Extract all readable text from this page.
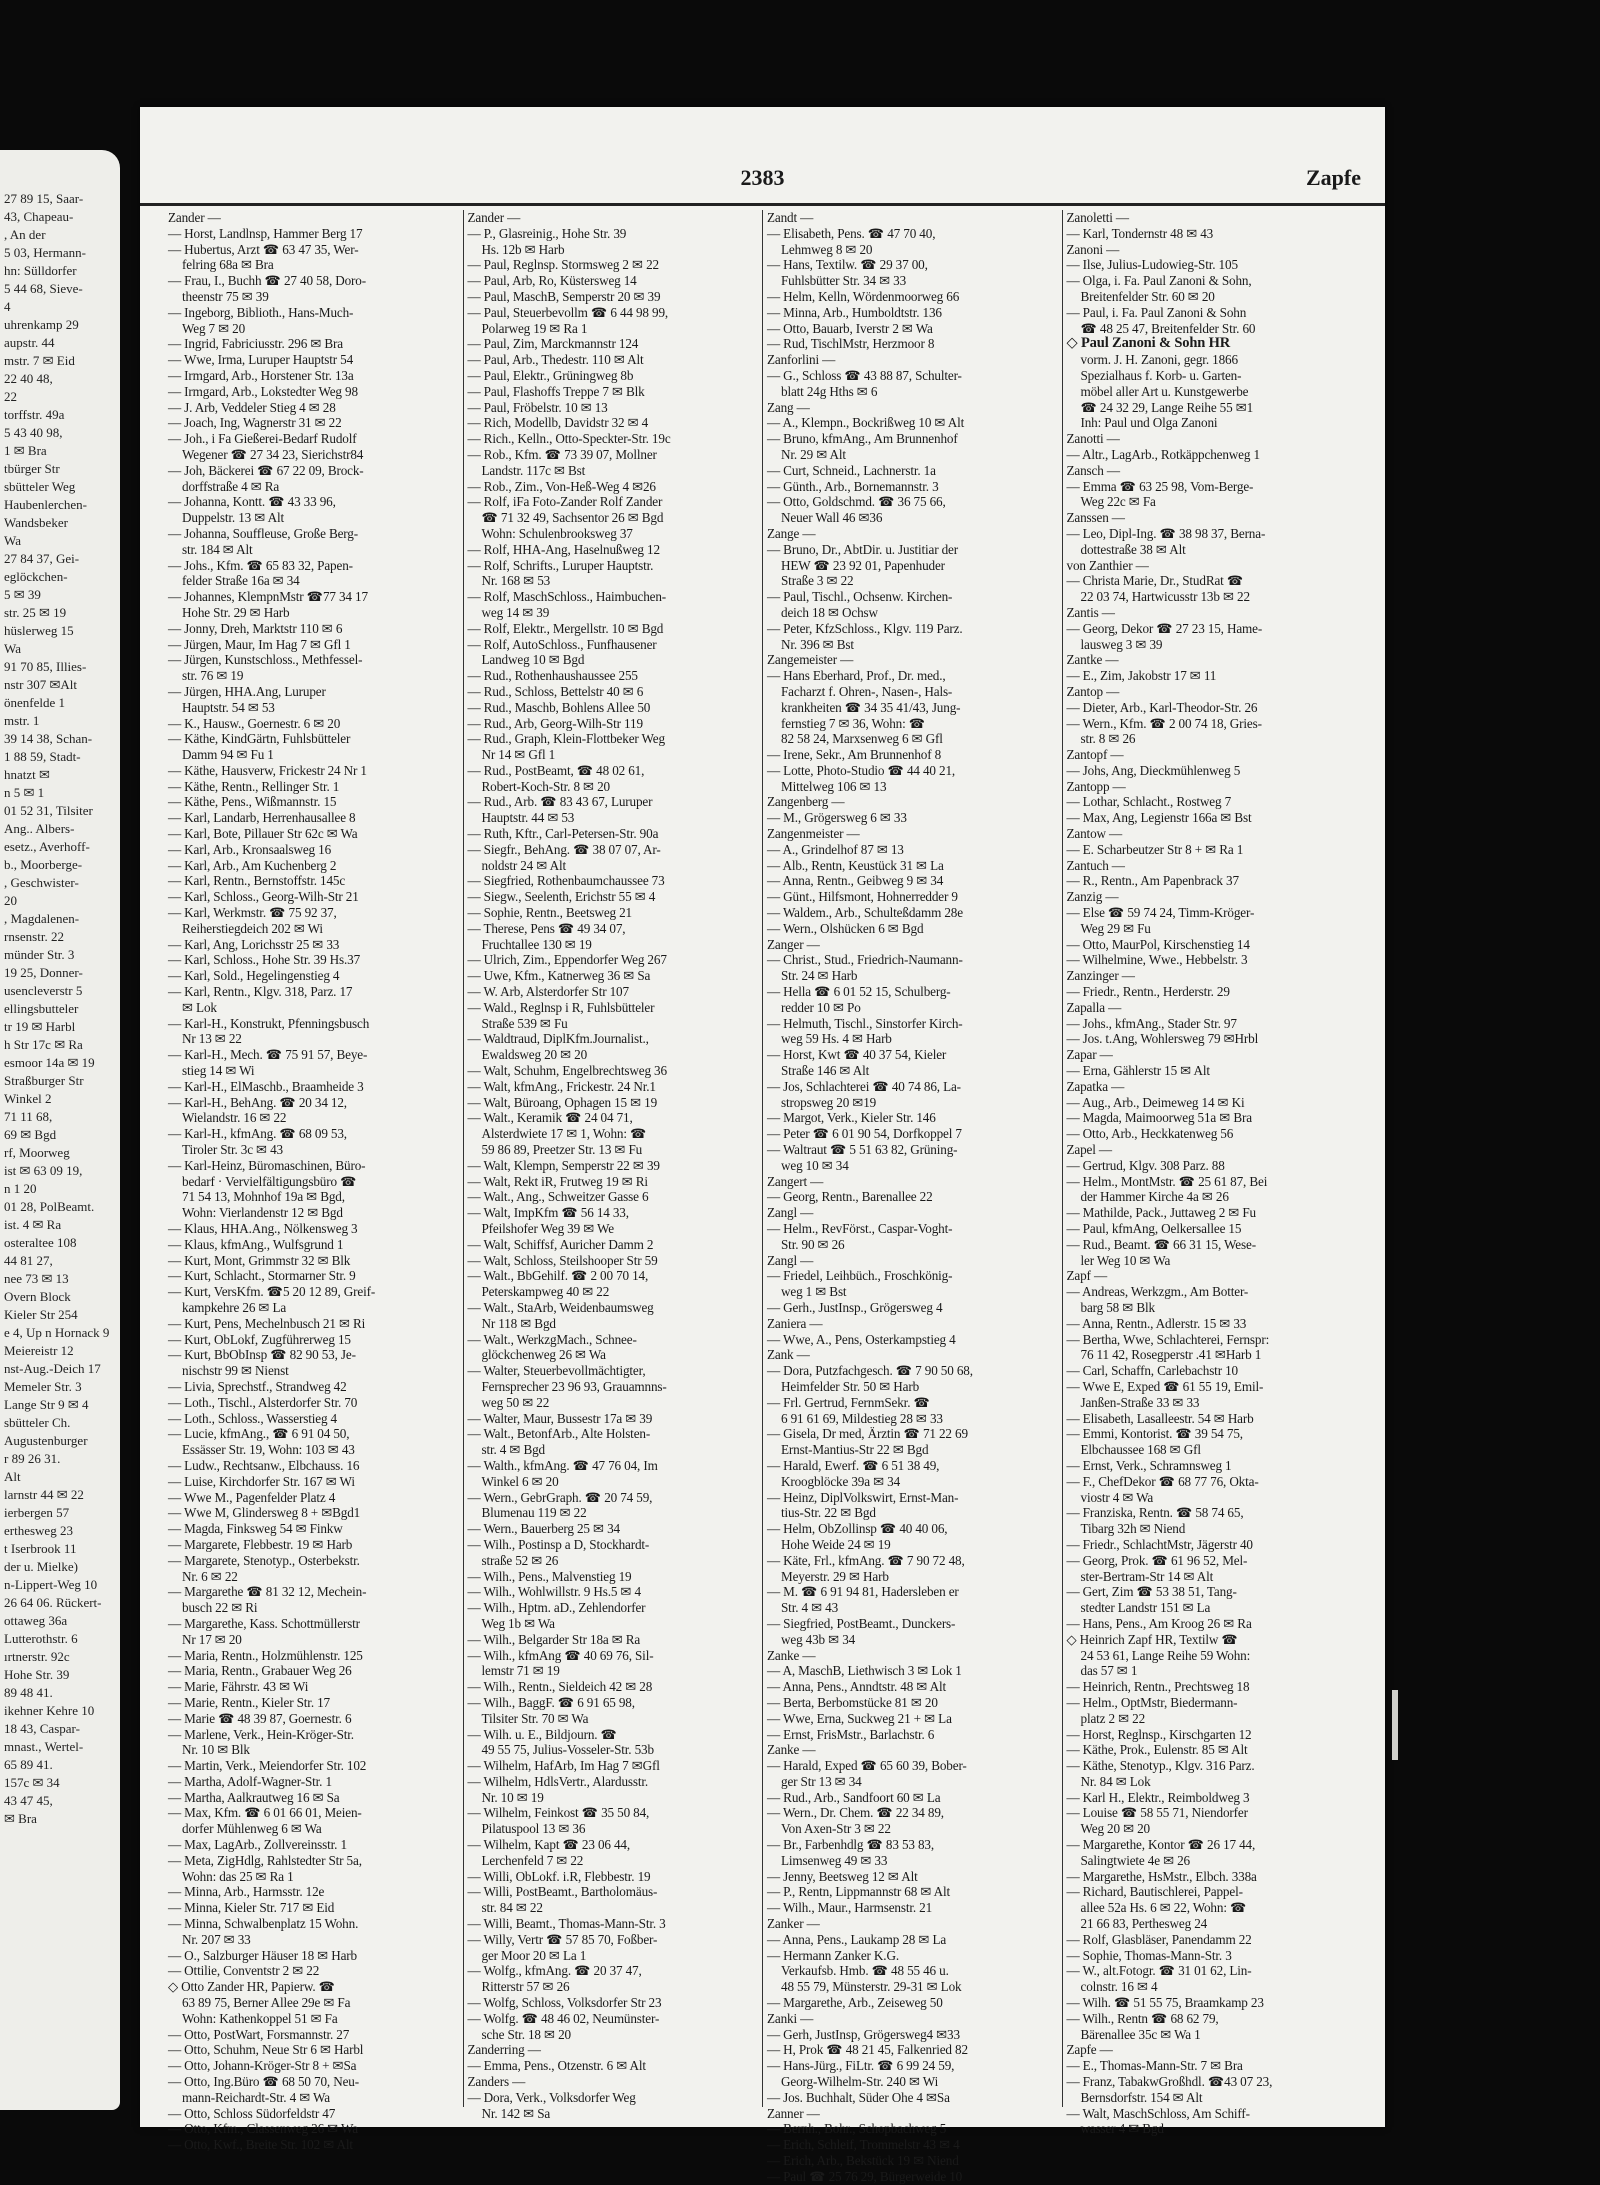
27 89 15, Saar-
43, Chapeau-
, An der
5 03, Hermann-
hn: Sülldorfer
5 44 68, Sieve-
4
uhrenkamp 29
aupstr. 44
mstr. 7 ✉ Eid
22 40 48,
22
torffstr. 49a
5 43 40 98,
1 ✉ Bra
tbürger Str
sbütteler Weg
Haubenlerchen-
Wandsbeker
Wa
27 84 37, Gei-
eglöckchen-
5 ✉ 39
str. 25 ✉ 19
hüslerweg 15
Wa
91 70 85, Illies-
nstr 307 ✉Alt
önenfelde 1
mstr. 1
39 14 38, Schan-
1 88 59, Stadt-
hnatzt ✉
n 5 ✉ 1
01 52 31, Tilsiter
Ang.. Albers-
esetz., Averhoff-
b., Moorberge-
, Geschwister-
20
, Magdalenen-
rnsenstr. 22
münder Str. 3
19 25, Donner-
usencleverstr 5
ellingsbutteler
tr 19 ✉ Harbl
h Str 17c ✉ Ra
esmoor 14a ✉ 19
Straßburger Str
Winkel 2
71 11 68,
69 ✉ Bgd
rf, Moorweg
ist ✉ 63 09 19,
n 1 20
01 28, PolBeamt.
ist. 4 ✉ Ra
osteraltee 108
44 81 27,
nee 73 ✉ 13
Overn Block
Kieler Str 254
e 4, Up n Hornack 9
Meiereistr 12
nst-Aug.-Deich 17
Memeler Str. 3
Lange Str 9 ✉ 4
sbütteler Ch.
Augustenburger
r 89 26 31.
Alt
larnstr 44 ✉ 22
ierbergen 57
erthesweg 23
t Iserbrook 11
der u. Mielke)
n-Lippert-Weg 10
26 64 06. Rückert-
ottaweg 36a
Lutterothstr. 6
ırtnerstr. 92c
Hohe Str. 39
89 48 41.
ikehner Kehre 10
18 43, Caspar-
mnast., Wertel-
65 89 41.
157c ✉ 34
43 47 45,
✉ Bra
2383	Zapfe
Zander —
— Horst, Landlnsp, Hammer Berg 17
— Hubertus, Arzt ☎ 63 47 35, Wer-
felring 68a ✉ Bra
— Frau, I., Buchh ☎ 27 40 58, Doro-
theenstr 75 ✉ 39
— Ingeborg, Biblioth., Hans-Much-
Weg 7 ✉ 20
— Ingrid, Fabriciusstr. 296 ✉ Bra
— Wwe, Irma, Luruper Hauptstr 54
— Irmgard, Arb., Horstener Str. 13a
— Irmgard, Arb., Lokstedter Weg 98
— J. Arb, Veddeler Stieg 4 ✉ 28
— Joach, Ing, Wagnerstr 31 ✉ 22
— Joh., i Fa Gießerei-Bedarf Rudolf
Wegener ☎ 27 34 23, Sierichstr84
— Joh, Bäckerei ☎ 67 22 09, Brock-
dorffstraße 4 ✉ Ra
— Johanna, Kontt. ☎ 43 33 96,
Duppelstr. 13 ✉ Alt
— Johanna, Souffleuse, Große Berg-
str. 184 ✉ Alt
— Johs., Kfm. ☎ 65 83 32, Papen-
felder Straße 16a ✉ 34
— Johannes, KlempnMstr ☎77 34 17
Hohe Str. 29 ✉ Harb
— Jonny, Dreh, Marktstr 110 ✉ 6
— Jürgen, Maur, Im Hag 7 ✉ Gfl 1
— Jürgen, Kunstschloss., Methfessel-
str. 76 ✉ 19
— Jürgen, HHA.Ang, Luruper
Hauptstr. 54 ✉ 53
— K., Hausw., Goernestr. 6 ✉ 20
— Käthe, KindGärtn, Fuhlsbütteler
Damm 94 ✉ Fu 1
— Käthe, Hausverw, Frickestr 24 Nr 1
— Käthe, Rentn., Rellinger Str. 1
— Käthe, Pens., Wißmannstr. 15
— Karl, Landarb, Herrenhausallee 8
— Karl, Bote, Pillauer Str 62c ✉ Wa
— Karl, Arb., Kronsaalsweg 16
— Karl, Arb., Am Kuchenberg 2
— Karl, Rentn., Bernstoffstr. 145c
— Karl, Schloss., Georg-Wilh-Str 21
— Karl, Werkmstr. ☎ 75 92 37,
Reiherstiegdeich 202 ✉ Wi
— Karl, Ang, Lorichsstr 25 ✉ 33
— Karl, Schloss., Hohe Str. 39 Hs.37
— Karl, Sold., Hegelingenstieg 4
— Karl, Rentn., Klgv. 318, Parz. 17
✉ Lok
— Karl-H., Konstrukt, Pfenningsbusch
Nr 13 ✉ 22
— Karl-H., Mech. ☎ 75 91 57, Beye-
stieg 14 ✉ Wi
— Karl-H., ElMaschb., Braamheide 3
— Karl-H., BehAng. ☎ 20 34 12,
Wielandstr. 16 ✉ 22
— Karl-H., kfmAng. ☎ 68 09 53,
Tiroler Str. 3c ✉ 43
— Karl-Heinz, Büromaschinen, Büro-
bedarf · Vervielfältigungsbüro ☎
71 54 13, Mohnhof 19a ✉ Bgd,
Wohn: Vierlandenstr 12 ✉ Bgd
— Klaus, HHA.Ang., Nölkensweg 3
— Klaus, kfmAng., Wulfsgrund 1
— Kurt, Mont, Grimmstr 32 ✉ Blk
— Kurt, Schlacht., Stormarner Str. 9
— Kurt, VersKfm. ☎5 20 12 89, Greif-
kampkehre 26 ✉ La
— Kurt, Pens, Mechelnbusch 21 ✉ Ri
— Kurt, ObLokf, Zugführerweg 15
— Kurt, BbObInsp ☎ 82 90 53, Je-
nischstr 99 ✉ Nienst
— Livia, Sprechstf., Strandweg 42
— Loth., Tischl., Alsterdorfer Str. 70
— Loth., Schloss., Wasserstieg 4
— Lucie, kfmAng., ☎ 6 91 04 50,
Essässer Str. 19, Wohn: 103 ✉ 43
— Ludw., Rechtsanw., Elbchauss. 16
— Luise, Kirchdorfer Str. 167 ✉ Wi
— Wwe M., Pagenfelder Platz 4
— Wwe M, Glindersweg 8 + ✉Bgd1
— Magda, Finksweg 54 ✉ Finkw
— Margarete, Flebbestr. 19 ✉ Harb
— Margarete, Stenotyp., Osterbekstr.
Nr. 6 ✉ 22
— Margarethe ☎ 81 32 12, Mechein-
busch 22 ✉ Ri
— Margarethe, Kass. Schottmüllerstr
Nr 17 ✉ 20
— Maria, Rentn., Holzmühlenstr. 125
— Maria, Rentn., Grabauer Weg 26
— Marie, Fährstr. 43 ✉ Wi
— Marie, Rentn., Kieler Str. 17
— Marie ☎ 48 39 87, Goernestr. 6
— Marlene, Verk., Hein-Kröger-Str.
Nr. 10 ✉ Blk
— Martin, Verk., Meiendorfer Str. 102
— Martha, Adolf-Wagner-Str. 1
— Martha, Aalkrautweg 16 ✉ Sa
— Max, Kfm. ☎ 6 01 66 01, Meien-
dorfer Mühlenweg 6 ✉ Wa
— Max, LagArb., Zollvereinsstr. 1
— Meta, ZigHdlg, Rahlstedter Str 5a,
Wohn: das 25 ✉ Ra 1
— Minna, Arb., Harmsstr. 12e
— Minna, Kieler Str. 717 ✉ Eid
— Minna, Schwalbenplatz 15 Wohn.
Nr. 207 ✉ 33
— O., Salzburger Häuser 18 ✉ Harb
— Ottilie, Conventstr 2 ✉ 22
◇ Otto Zander HR, Papierw. ☎
63 89 75, Berner Allee 29e ✉ Fa
Wohn: Kathenkoppel 51 ✉ Fa
— Otto, PostWart, Forsmannstr. 27
— Otto, Schuhm, Neue Str 6 ✉ Harbl
— Otto, Johann-Kröger-Str 8 + ✉Sa
— Otto, Ing.Büro ☎ 68 50 70, Neu-
mann-Reichardt-Str. 4 ✉ Wa
— Otto, Schloss Südorfeldstr 47
— Otto, Kfm., Classenweg 26 ✉ Wa
— Otto, Kwf., Breite Str. 102 ✉ Alt
Zander —
— P., Glasreinig., Hohe Str. 39
Hs. 12b ✉ Harb
— Paul, Reglnsp. Stormsweg 2 ✉ 22
— Paul, Arb, Ro, Küstersweg 14
— Paul, MaschB, Semperstr 20 ✉ 39
— Paul, Steuerbevollm ☎ 6 44 98 99,
Polarweg 19 ✉ Ra 1
— Paul, Zim, Marckmannstr 124
— Paul, Arb., Thedestr. 110 ✉ Alt
— Paul, Elektr., Grüningweg 8b
— Paul, Flashoffs Treppe 7 ✉ Blk
— Paul, Fröbelstr. 10 ✉ 13
— Rich, Modellb, Davidstr 32 ✉ 4
— Rich., Kelln., Otto-Speckter-Str. 19c
— Rob., Kfm. ☎ 73 39 07, Mollner
Landstr. 117c ✉ Bst
— Rob., Zim., Von-Heß-Weg 4 ✉26
— Rolf, iFa Foto-Zander Rolf Zander
☎ 71 32 49, Sachsentor 26 ✉ Bgd
Wohn: Schulenbrooksweg 37
— Rolf, HHA-Ang, Haselnußweg 12
— Rolf, Schrifts., Luruper Hauptstr.
Nr. 168 ✉ 53
— Rolf, MaschSchloss., Haimbuchen-
weg 14 ✉ 39
— Rolf, Elektr., Mergellstr. 10 ✉ Bgd
— Rolf, AutoSchloss., Funfhausener
Landweg 10 ✉ Bgd
— Rud., Rothenhaushaussee 255
— Rud., Schloss, Bettelstr 40 ✉ 6
— Rud., Maschb, Bohlens Allee 50
— Rud., Arb, Georg-Wilh-Str 119
— Rud., Graph, Klein-Flottbeker Weg
Nr 14 ✉ Gfl 1
— Rud., PostBeamt, ☎ 48 02 61,
Robert-Koch-Str. 8 ✉ 20
— Rud., Arb. ☎ 83 43 67, Luruper
Hauptstr. 44 ✉ 53
— Ruth, Kftr., Carl-Petersen-Str. 90a
— Siegfr., BehAng. ☎ 38 07 07, Ar-
noldstr 24 ✉ Alt
— Siegfried, Rothenbaumchaussee 73
— Siegw., Seelenth, Erichstr 55 ✉ 4
— Sophie, Rentn., Beetsweg 21
— Therese, Pens ☎ 49 34 07,
Fruchtallee 130 ✉ 19
— Ulrich, Zim., Eppendorfer Weg 267
— Uwe, Kfm., Katnerweg 36 ✉ Sa
— W. Arb, Alsterdorfer Str 107
— Wald., Reglnsp i R, Fuhlsbütteler
Straße 539 ✉ Fu
— Waldtraud, DiplKfm.Journalist.,
Ewaldsweg 20 ✉ 20
— Walt, Schuhm, Engelbrechtsweg 36
— Walt, kfmAng., Frickestr. 24 Nr.1
— Walt, Büroang, Ophagen 15 ✉ 19
— Walt., Keramik ☎ 24 04 71,
Alsterdwiete 17 ✉ 1, Wohn: ☎
59 86 89, Preetzer Str. 13 ✉ Fu
— Walt, Klempn, Semperstr 22 ✉ 39
— Walt, Rekt iR, Frutweg 19 ✉ Ri
— Walt., Ang., Schweitzer Gasse 6
— Walt, ImpKfm ☎ 56 14 33,
Pfeilshofer Weg 39 ✉ We
— Walt, Schiffsf, Auricher Damm 2
— Walt, Schloss, Steilshooper Str 59
— Walt., BbGehilf. ☎ 2 00 70 14,
Peterskampweg 40 ✉ 22
— Walt., StaArb, Weidenbaumsweg
Nr 118 ✉ Bgd
— Walt., WerkzgMach., Schnee-
glöckchenweg 26 ✉ Wa
— Walter, Steuerbevollmächtigter,
Fernsprecher 23 96 93, Grauamnns-
weg 50 ✉ 22
— Walter, Maur, Bussestr 17a ✉ 39
— Walt., BetonfArb., Alte Holsten-
str. 4 ✉ Bgd
— Walth., kfmAng. ☎ 47 76 04, Im
Winkel 6 ✉ 20
— Wern., GebrGraph. ☎ 20 74 59,
Blumenau 119 ✉ 22
— Wern., Bauerberg 25 ✉ 34
— Wilh., Postinsp a D, Stockhardt-
straße 52 ✉ 26
— Wilh., Pens., Malvenstieg 19
— Wilh., Wohlwillstr. 9 Hs.5 ✉ 4
— Wilh., Hptm. aD., Zehlendorfer
Weg 1b ✉ Wa
— Wilh., Belgarder Str 18a ✉ Ra
— Wilh., kfmAng ☎ 40 69 76, Sil-
lemstr 71 ✉ 19
— Wilh., Rentn., Sieldeich 42 ✉ 28
— Wilh., BaggF. ☎ 6 91 65 98,
Tilsiter Str. 70 ✉ Wa
— Wilh. u. E., Bildjourn. ☎
49 55 75, Julius-Vosseler-Str. 53b
— Wilhelm, HafArb, Im Hag 7 ✉Gfl
— Wilhelm, HdlsVertr., Alardusstr.
Nr. 10 ✉ 19
— Wilhelm, Feinkost ☎ 35 50 84,
Pilatuspool 13 ✉ 36
— Wilhelm, Kapt ☎ 23 06 44,
Lerchenfeld 7 ✉ 22
— Willi, ObLokf. i.R, Flebbestr. 19
— Willi, PostBeamt., Bartholomäus-
str. 84 ✉ 22
— Willi, Beamt., Thomas-Mann-Str. 3
— Willy, Vertr ☎ 57 85 70, Foßber-
ger Moor 20 ✉ La 1
— Wolfg., kfmAng. ☎ 20 37 47,
Ritterstr 57 ✉ 26
— Wolfg, Schloss, Volksdorfer Str 23
— Wolfg. ☎ 48 46 02, Neumünster-
sche Str. 18 ✉ 20
Zanderring —
— Emma, Pens., Otzenstr. 6 ✉ Alt
Zanders —
— Dora, Verk., Volksdorfer Weg
Nr. 142 ✉ Sa
Zandt —
— Elisabeth, Pens. ☎ 47 70 40,
Lehmweg 8 ✉ 20
— Hans, Textilw. ☎ 29 37 00,
Fuhlsbütter Str. 34 ✉ 33
— Helm, Kelln, Wördenmoorweg 66
— Minna, Arb., Humboldtstr. 136
— Otto, Bauarb, Iverstr 2 ✉ Wa
— Rud, TischlMstr, Herzmoor 8
Zanforlini —
— G., Schloss ☎ 43 88 87, Schulter-
blatt 24g Hths ✉ 6
Zang —
— A., Klempn., Bockrißweg 10 ✉ Alt
— Bruno, kfmAng., Am Brunnenhof
Nr. 29 ✉ Alt
— Curt, Schneid., Lachnerstr. 1a
— Günth., Arb., Bornemannstr. 3
— Otto, Goldschmd. ☎ 36 75 66,
Neuer Wall 46 ✉36
Zange —
— Bruno, Dr., AbtDir. u. Justitiar der
HEW ☎ 23 92 01, Papenhuder
Straße 3 ✉ 22
— Paul, Tischl., Ochsenw. Kirchen-
deich 18 ✉ Ochsw
— Peter, KfzSchloss., Klgv. 119 Parz.
Nr. 396 ✉ Bst
Zangemeister —
— Hans Eberhard, Prof., Dr. med.,
Facharzt f. Ohren-, Nasen-, Hals-
krankheiten ☎ 34 35 41/43, Jung-
fernstieg 7 ✉ 36, Wohn: ☎
82 58 24, Marxsenweg 6 ✉ Gfl
— Irene, Sekr., Am Brunnenhof 8
— Lotte, Photo-Studio ☎ 44 40 21,
Mittelweg 106 ✉ 13
Zangenberg —
— M., Grögersweg 6 ✉ 33
Zangenmeister —
— A., Grindelhof 87 ✉ 13
— Alb., Rentn, Keustück 31 ✉ La
— Anna, Rentn., Geibweg 9 ✉ 34
— Günt., Hilfsmont, Hohnerredder 9
— Waldem., Arb., Schulteßdamm 28e
— Wern., Olshücken 6 ✉ Bgd
Zanger —
— Christ., Stud., Friedrich-Naumann-
Str. 24 ✉ Harb
— Hella ☎ 6 01 52 15, Schulberg-
redder 10 ✉ Po
— Helmuth, Tischl., Sinstorfer Kirch-
weg 59 Hs. 4 ✉ Harb
— Horst, Kwt ☎ 40 37 54, Kieler
Straße 146 ✉ Alt
— Jos, Schlachterei ☎ 40 74 86, La-
stropsweg 20 ✉19
— Margot, Verk., Kieler Str. 146
— Peter ☎ 6 01 90 54, Dorfkoppel 7
— Waltraut ☎ 5 51 63 82, Grüning-
weg 10 ✉ 34
Zangert —
— Georg, Rentn., Barenallee 22
Zangl —
— Helm., RevFörst., Caspar-Voght-
Str. 90 ✉ 26
Zangl —
— Friedel, Leihbüch., Froschkönig-
weg 1 ✉ Bst
— Gerh., JustInsp., Grögersweg 4
Zaniera —
— Wwe, A., Pens, Osterkampstieg 4
Zank —
— Dora, Putzfachgesch. ☎ 7 90 50 68,
Heimfelder Str. 50 ✉ Harb
— Frl. Gertrud, FernmSekr. ☎
6 91 61 69, Mildestieg 28 ✉ 33
— Gisela, Dr med, Ärztin ☎ 71 22 69
Ernst-Mantius-Str 22 ✉ Bgd
— Harald, Ewerf. ☎ 6 51 38 49,
Kroogblöcke 39a ✉ 34
— Heinz, DiplVolkswirt, Ernst-Man-
tius-Str. 22 ✉ Bgd
— Helm, ObZollinsp ☎ 40 40 06,
Hohe Weide 24 ✉ 19
— Käte, Frl., kfmAng. ☎ 7 90 72 48,
Meyerstr. 29 ✉ Harb
— M. ☎ 6 91 94 81, Hadersleben er
Str. 4 ✉ 43
— Siegfried, PostBeamt., Dunckers-
weg 43b ✉ 34
Zanke —
— A, MaschB, Liethwisch 3 ✉ Lok 1
— Anna, Pens., Anndtstr. 48 ✉ Alt
— Berta, Berbomstücke 81 ✉ 20
— Wwe, Erna, Suckweg 21 + ✉ La
— Ernst, FrisMstr., Barlachstr. 6
Zanke —
— Harald, Exped ☎ 65 60 39, Bober-
ger Str 13 ✉ 34
— Rud., Arb., Sandfoort 60 ✉ La
— Wern., Dr. Chem. ☎ 22 34 89,
Von Axen-Str 3 ✉ 22
— Br., Farbenhdlg ☎ 83 53 83,
Limsenweg 49 ✉ 33
— Jenny, Beetsweg 12 ✉ Alt
— P., Rentn, Lippmannstr 68 ✉ Alt
— Wilh., Maur., Harmsenstr. 21
Zanker —
— Anna, Pens., Laukamp 28 ✉ La
— Hermann Zanker K.G.
Verkaufsb. Hmb. ☎ 48 55 46 u.
48 55 79, Münsterstr. 29-31 ✉ Lok
— Margarethe, Arb., Zeiseweg 50
Zanki —
— Gerh, JustInsp, Grögersweg4 ✉33
— H, Prok ☎ 48 21 45, Falkenried 82
— Hans-Jürg., FiLtr. ☎ 6 99 24 59,
Georg-Wilhelm-Str. 240 ✉ Wi
— Jos. Buchhalt, Süder Ohe 4 ✉Sa
Zanner —
— Bernh., Bohr., Schopbachweg 5
— Erich, Schleif, Trommelstr 43 ✉ 4
— Erich, Arb., Bekstück 19 ✉ Niend
— Paul ☎ 25 76 29, Bürgerweide 10
Zanoletti —
— Karl, Tondernstr 48 ✉ 43
Zanoni —
— Ilse, Julius-Ludowieg-Str. 105
— Olga, i. Fa. Paul Zanoni & Sohn,
Breitenfelder Str. 60 ✉ 20
— Paul, i. Fa. Paul Zanoni & Sohn
☎ 48 25 47, Breitenfelder Str. 60
◇ Paul Zanoni & Sohn HR
vorm. J. H. Zanoni, gegr. 1866
Spezialhaus f. Korb- u. Garten-
möbel aller Art u. Kunstgewerbe
☎ 24 32 29, Lange Reihe 55 ✉1
Inh: Paul und Olga Zanoni
Zanotti —
— Altr., LagArb., Rotkäppchenweg 1
Zansch —
— Emma ☎ 63 25 98, Vom-Berge-
Weg 22c ✉ Fa
Zanssen —
— Leo, Dipl-Ing. ☎ 38 98 37, Berna-
dottestraße 38 ✉ Alt
von Zanthier —
— Christa Marie, Dr., StudRat ☎
22 03 74, Hartwicusstr 13b ✉ 22
Zantis —
— Georg, Dekor ☎ 27 23 15, Hame-
lausweg 3 ✉ 39
Zantke —
— E., Zim, Jakobstr 17 ✉ 11
Zantop —
— Dieter, Arb., Karl-Theodor-Str. 26
— Wern., Kfm. ☎ 2 00 74 18, Gries-
str. 8 ✉ 26
Zantopf —
— Johs, Ang, Dieckmühlenweg 5
Zantopp —
— Lothar, Schlacht., Rostweg 7
— Max, Ang, Legienstr 166a ✉ Bst
Zantow —
— E. Scharbeutzer Str 8 + ✉ Ra 1
Zantuch —
— R., Rentn., Am Papenbrack 37
Zanzig —
— Else ☎ 59 74 24, Timm-Kröger-
Weg 29 ✉ Fu
— Otto, MaurPol, Kirschenstieg 14
— Wilhelmine, Wwe., Hebbelstr. 3
Zanzinger —
— Friedr., Rentn., Herderstr. 29
Zapalla —
— Johs., kfmAng., Stader Str. 97
— Jos. t.Ang, Wohlersweg 79 ✉Hrbl
Zapar —
— Erna, Gählerstr 15 ✉ Alt
Zapatka —
— Aug., Arb., Deimeweg 14 ✉ Ki
— Magda, Maimoorweg 51a ✉ Bra
— Otto, Arb., Heckkatenweg 56
Zapel —
— Gertrud, Klgv. 308 Parz. 88
— Helm., MontMstr. ☎ 25 61 87, Bei
der Hammer Kirche 4a ✉ 26
— Mathilde, Pack., Juttaweg 2 ✉ Fu
— Paul, kfmAng, Oelkersallee 15
— Rud., Beamt. ☎ 66 31 15, Wese-
ler Weg 10 ✉ Wa
Zapf —
— Andreas, Werkzgm., Am Botter-
barg 58 ✉ Blk
— Anna, Rentn., Adlerstr. 15 ✉ 33
— Bertha, Wwe, Schlachterei, Fernspr:
76 11 42, Rosegperstr .41 ✉Harb 1
— Carl, Schaffn, Carlebachstr 10
— Wwe E, Exped ☎ 61 55 19, Emil-
Janßen-Straße 33 ✉ 33
— Elisabeth, Lasalleestr. 54 ✉ Harb
— Emmi, Kontorist. ☎ 39 54 75,
Elbchaussee 168 ✉ Gfl
— Ernst, Verk., Schramnsweg 1
— F., ChefDekor ☎ 68 77 76, Okta-
viostr 4 ✉ Wa
— Franziska, Rentn. ☎ 58 74 65,
Tibarg 32h ✉ Niend
— Friedr., SchlachtMstr, Jägerstr 40
— Georg, Prok. ☎ 61 96 52, Mel-
ster-Bertram-Str 14 ✉ Alt
— Gert, Zim ☎ 53 38 51, Tang-
stedter Landstr 151 ✉ La
— Hans, Pens., Am Kroog 26 ✉ Ra
◇ Heinrich Zapf HR, Textilw ☎
24 53 61, Lange Reihe 59 Wohn:
das 57 ✉ 1
— Heinrich, Rentn., Prechtsweg 18
— Helm., OptMstr, Biedermann-
platz 2 ✉ 22
— Horst, Reglnsp., Kirschgarten 12
— Käthe, Prok., Eulenstr. 85 ✉ Alt
— Käthe, Stenotyp., Klgv. 316 Parz.
Nr. 84 ✉ Lok
— Karl H., Elektr., Reimboldweg 3
— Louise ☎ 58 55 71, Niendorfer
Weg 20 ✉ 20
— Margarethe, Kontor ☎ 26 17 44,
Salingtwiete 4e ✉ 26
— Margarethe, HsMstr., Elbch. 338a
— Richard, Bautischlerei, Pappel-
allee 52a Hs. 6 ✉ 22, Wohn: ☎
21 66 83, Perthesweg 24
— Rolf, Glasbläser, Panendamm 22
— Sophie, Thomas-Mann-Str. 3
— W., alt.Fotogr. ☎ 31 01 62, Lin-
colnstr. 16 ✉ 4
— Wilh. ☎ 51 55 75, Braamkamp 23
— Wilh., Rentn ☎ 68 62 79,
Bärenallee 35c ✉ Wa 1
Zapfe —
— E., Thomas-Mann-Str. 7 ✉ Bra
— Franz, TabakwGroßhdl. ☎43 07 23,
Bernsdorfstr. 154 ✉ Alt
— Walt, MaschSchloss, Am Schiff-
wasser 4 ✉ Bgd
